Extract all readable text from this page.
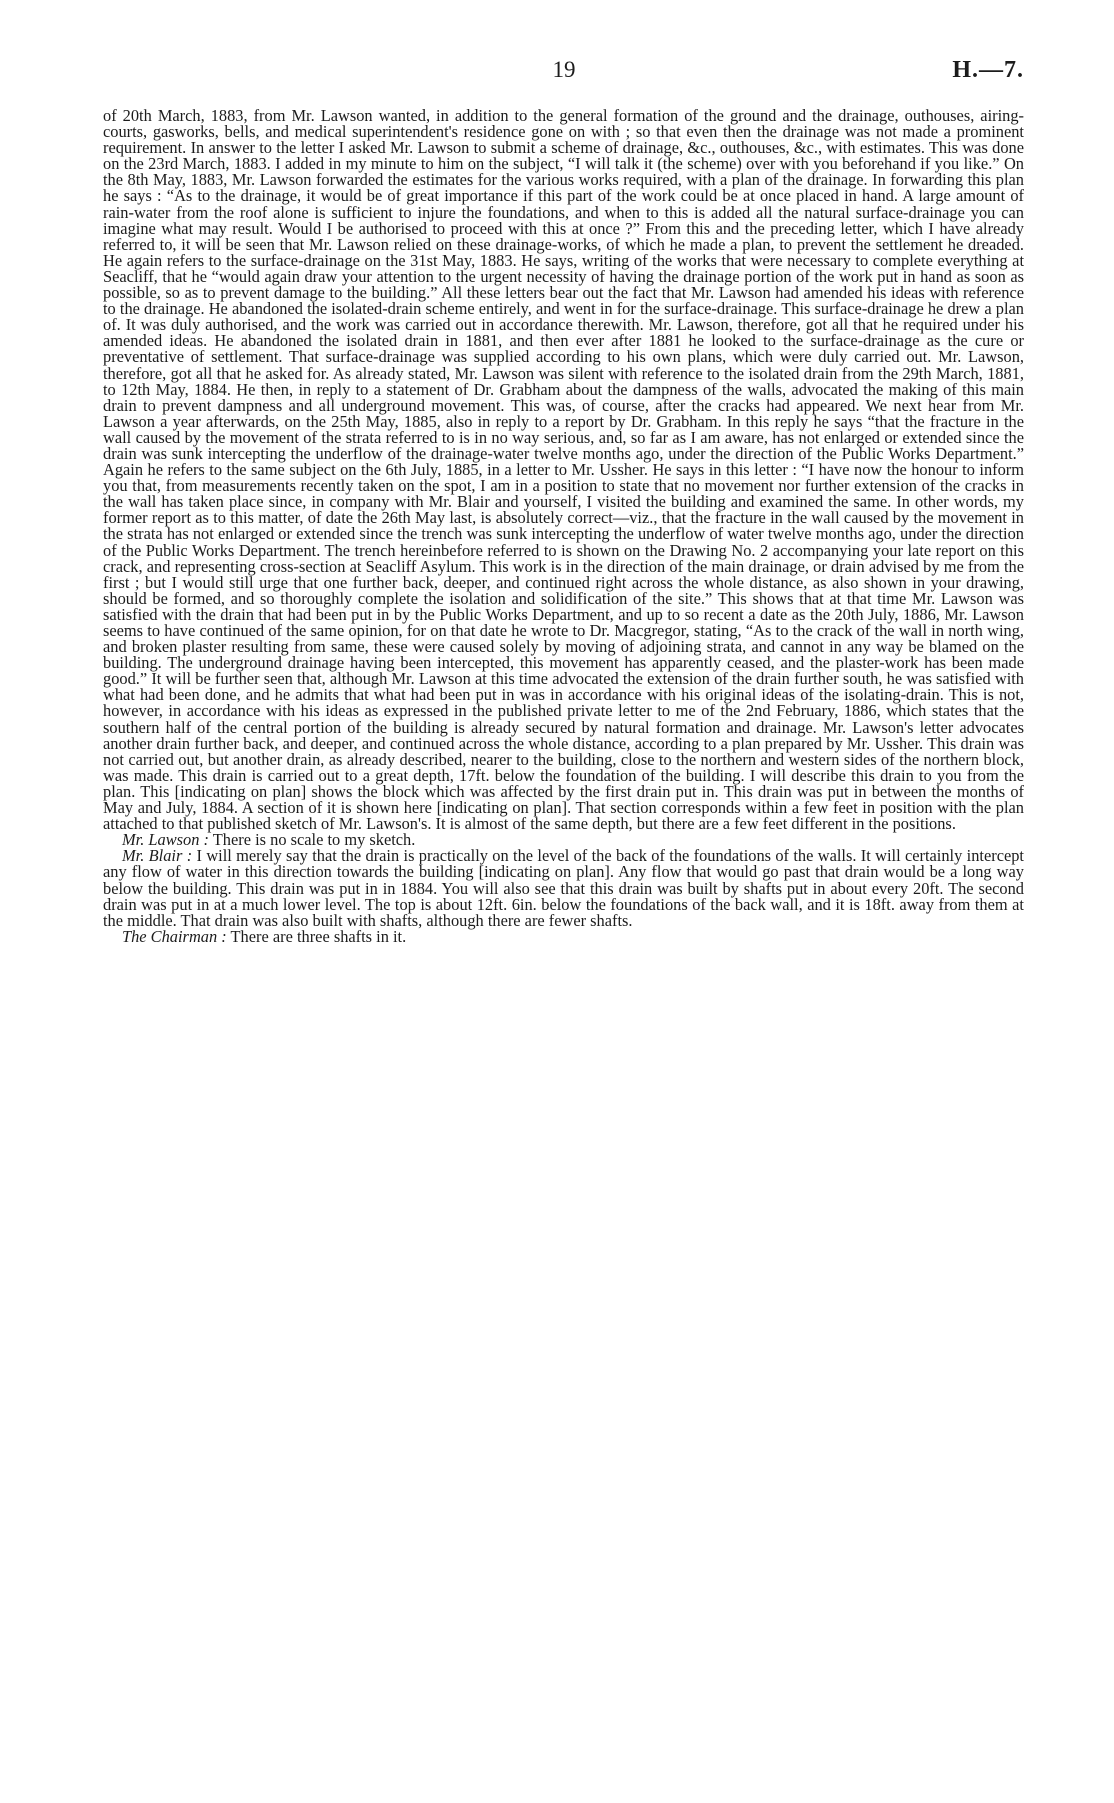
19	H.—7.

of 20th March, 1883, from Mr. Lawson wanted, in addition to the general formation of the ground and the drainage, outhouses, airing-courts, gasworks, bells, and medical superintendent's residence gone on with ; so that even then the drainage was not made a prominent requirement. In answer to the letter I asked Mr. Lawson to submit a scheme of drainage, &c., outhouses, &c., with estimates. This was done on the 23rd March, 1883. I added in my minute to him on the subject, “I will talk it (the scheme) over with you beforehand if you like.” On the 8th May, 1883, Mr. Lawson forwarded the estimates for the various works required, with a plan of the drainage. In forwarding this plan he says : “As to the drainage, it would be of great importance if this part of the work could be at once placed in hand. A large amount of rain-water from the roof alone is sufficient to injure the foundations, and when to this is added all the natural surface-drainage you can imagine what may result. Would I be authorised to proceed with this at once ?” From this and the preceding letter, which I have already referred to, it will be seen that Mr. Lawson relied on these drainage-works, of which he made a plan, to prevent the settlement he dreaded. He again refers to the surface-drainage on the 31st May, 1883. He says, writing of the works that were necessary to complete everything at Seacliff, that he “would again draw your attention to the urgent necessity of having the drainage portion of the work put in hand as soon as possible, so as to prevent damage to the building.” All these letters bear out the fact that Mr. Lawson had amended his ideas with reference to the drainage. He abandoned the isolated-drain scheme entirely, and went in for the surface-drainage. This surface-drainage he drew a plan of. It was duly authorised, and the work was carried out in accordance therewith. Mr. Lawson, therefore, got all that he required under his amended ideas. He abandoned the isolated drain in 1881, and then ever after 1881 he looked to the surface-drainage as the cure or preventative of settlement. That surface-drainage was supplied according to his own plans, which were duly carried out. Mr. Lawson, therefore, got all that he asked for. As already stated, Mr. Lawson was silent with reference to the isolated drain from the 29th March, 1881, to 12th May, 1884. He then, in reply to a statement of Dr. Grabham about the dampness of the walls, advocated the making of this main drain to prevent dampness and all underground movement. This was, of course, after the cracks had appeared. We next hear from Mr. Lawson a year afterwards, on the 25th May, 1885, also in reply to a report by Dr. Grabham. In this reply he says “that the fracture in the wall caused by the movement of the strata referred to is in no way serious, and, so far as I am aware, has not enlarged or extended since the drain was sunk intercepting the underflow of the drainage-water twelve months ago, under the direction of the Public Works Department.” Again he refers to the same subject on the 6th July, 1885, in a letter to Mr. Ussher. He says in this letter : “I have now the honour to inform you that, from measurements recently taken on the spot, I am in a position to state that no movement nor further extension of the cracks in the wall has taken place since, in company with Mr. Blair and yourself, I visited the building and examined the same. In other words, my former report as to this matter, of date the 26th May last, is absolutely correct—viz., that the fracture in the wall caused by the movement in the strata has not enlarged or extended since the trench was sunk intercepting the underflow of water twelve months ago, under the direction of the Public Works Department. The trench hereinbefore referred to is shown on the Drawing No. 2 accompanying your late report on this crack, and representing cross-section at Seacliff Asylum. This work is in the direction of the main drainage, or drain advised by me from the first ; but I would still urge that one further back, deeper, and continued right across the whole distance, as also shown in your drawing, should be formed, and so thoroughly complete the isolation and solidification of the site.” This shows that at that time Mr. Lawson was satisfied with the drain that had been put in by the Public Works Department, and up to so recent a date as the 20th July, 1886, Mr. Lawson seems to have continued of the same opinion, for on that date he wrote to Dr. Macgregor, stating, “As to the crack of the wall in north wing, and broken plaster resulting from same, these were caused solely by moving of adjoining strata, and cannot in any way be blamed on the building. The underground drainage having been intercepted, this movement has apparently ceased, and the plaster-work has been made good.” It will be further seen that, although Mr. Lawson at this time advocated the extension of the drain further south, he was satisfied with what had been done, and he admits that what had been put in was in accordance with his original ideas of the isolating-drain. This is not, however, in accordance with his ideas as expressed in the published private letter to me of the 2nd February, 1886, which states that the southern half of the central portion of the building is already secured by natural formation and drainage. Mr. Lawson's letter advocates another drain further back, and deeper, and continued across the whole distance, according to a plan prepared by Mr. Ussher. This drain was not carried out, but another drain, as already described, nearer to the building, close to the northern and western sides of the northern block, was made. This drain is carried out to a great depth, 17ft. below the foundation of the building. I will describe this drain to you from the plan. This [indicating on plan] shows the block which was affected by the first drain put in. This drain was put in between the months of May and July, 1884. A section of it is shown here [indicating on plan]. That section corresponds within a few feet in position with the plan attached to that published sketch of Mr. Lawson's. It is almost of the same depth, but there are a few feet different in the positions.

Mr. Lawson : There is no scale to my sketch.

Mr. Blair : I will merely say that the drain is practically on the level of the back of the foundations of the walls. It will certainly intercept any flow of water in this direction towards the building [indicating on plan]. Any flow that would go past that drain would be a long way below the building. This drain was put in in 1884. You will also see that this drain was built by shafts put in about every 20ft. The second drain was put in at a much lower level. The top is about 12ft. 6in. below the foundations of the back wall, and it is 18ft. away from them at the middle. That drain was also built with shafts, although there are fewer shafts.

The Chairman : There are three shafts in it.
